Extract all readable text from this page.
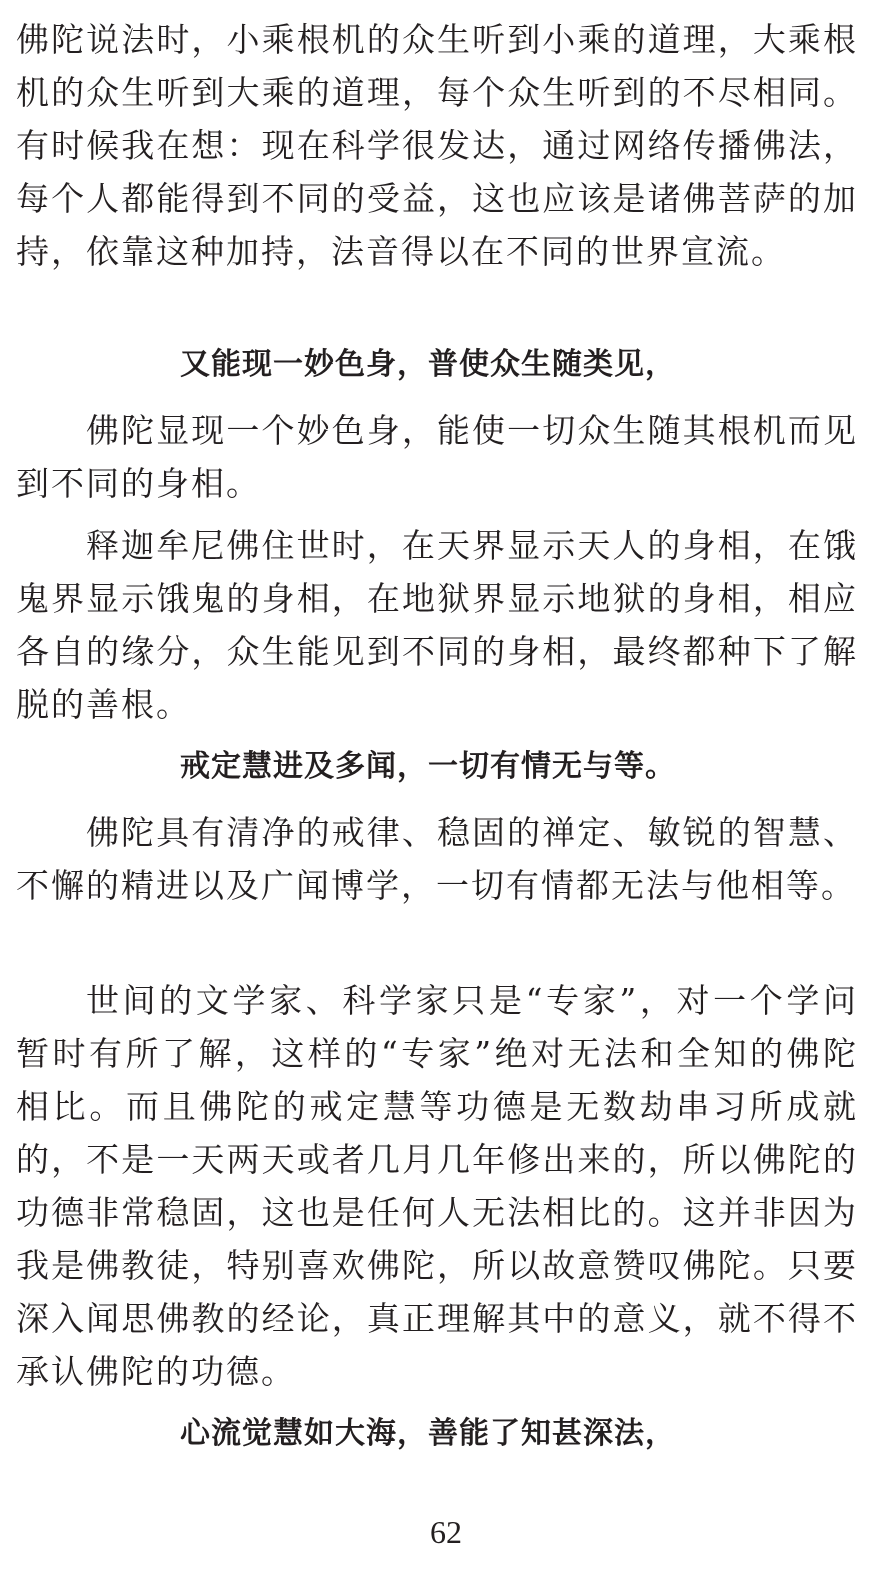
佛陀说法时，小乘根机的众生听到小乘的道理，大乘根机的众生听到大乘的道理，每个众生听到的不尽相同。有时候我在想：现在科学很发达，通过网络传播佛法，每个人都能得到不同的受益，这也应该是诸佛菩萨的加持，依靠这种加持，法音得以在不同的世界宣流。

又能现一妙色身，普使众生随类见，

佛陀显现一个妙色身，能使一切众生随其根机而见到不同的身相。

释迦牟尼佛住世时，在天界显示天人的身相，在饿鬼界显示饿鬼的身相，在地狱界显示地狱的身相，相应各自的缘分，众生能见到不同的身相，最终都种下了解脱的善根。

戒定慧进及多闻，一切有情无与等。

佛陀具有清净的戒律、稳固的禅定、敏锐的智慧、不懈的精进以及广闻博学，一切有情都无法与他相等。

世间的文学家、科学家只是“专家”，对一个学问暂时有所了解，这样的“专家”绝对无法和全知的佛陀相比。而且佛陀的戒定慧等功德是无数劫串习所成就的，不是一天两天或者几月几年修出来的，所以佛陀的功德非常稳固，这也是任何人无法相比的。这并非因为我是佛教徒，特别喜欢佛陀，所以故意赞叹佛陀。只要深入闻思佛教的经论，真正理解其中的意义，就不得不承认佛陀的功德。

心流觉慧如大海，善能了知甚深法，

62
